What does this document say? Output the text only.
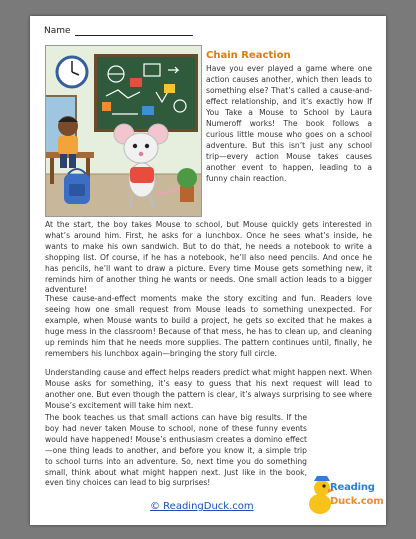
Name
Chain Reaction

Have you ever played a game where one action causes another, which then leads to something else? That’s called a cause-and-effect relationship, and it’s exactly how If You Take a Mouse to School by Laura Numeroff works! The book follows a curious little mouse who goes on a school adventure. But this isn’t just any school trip—every action Mouse takes causes another event to happen, leading to a funny chain reaction.

At the start, the boy takes Mouse to school, but Mouse quickly gets interested in what’s around him. First, he asks for a lunchbox. Once he sees what’s inside, he wants to make his own sandwich. But to do that, he needs a notebook to write a shopping list. Of course, if he has a notebook, he’ll also need pencils. And once he has pencils, he’ll want to draw a picture. Every time Mouse gets something new, it reminds him of another thing he wants or needs. One small action leads to a bigger adventure!

These cause-and-effect moments make the story exciting and fun. Readers love seeing how one small request from Mouse leads to something unexpected. For example, when Mouse wants to build a project, he gets so excited that he makes a huge mess in the classroom! Because of that mess, he has to clean up, and cleaning up reminds him that he needs more supplies. The pattern continues until, finally, he remembers his lunchbox again—bringing the story full circle.

Understanding cause and effect helps readers predict what might happen next. When Mouse asks for something, it’s easy to guess that his next request will lead to another one. But even though the pattern is clear, it’s always surprising to see where Mouse’s excitement will take him next.

The book teaches us that small actions can have big results. If the boy had never taken Mouse to school, none of these funny events would have happened! Mouse’s enthusiasm creates a domino effect—one thing leads to another, and before you know it, a simple trip to school turns into an adventure. So, next time you do something small, think about what might happen next. Just like in the book, even tiny choices can lead to big surprises!

© ReadingDuck.com
Reading
Duck.com
